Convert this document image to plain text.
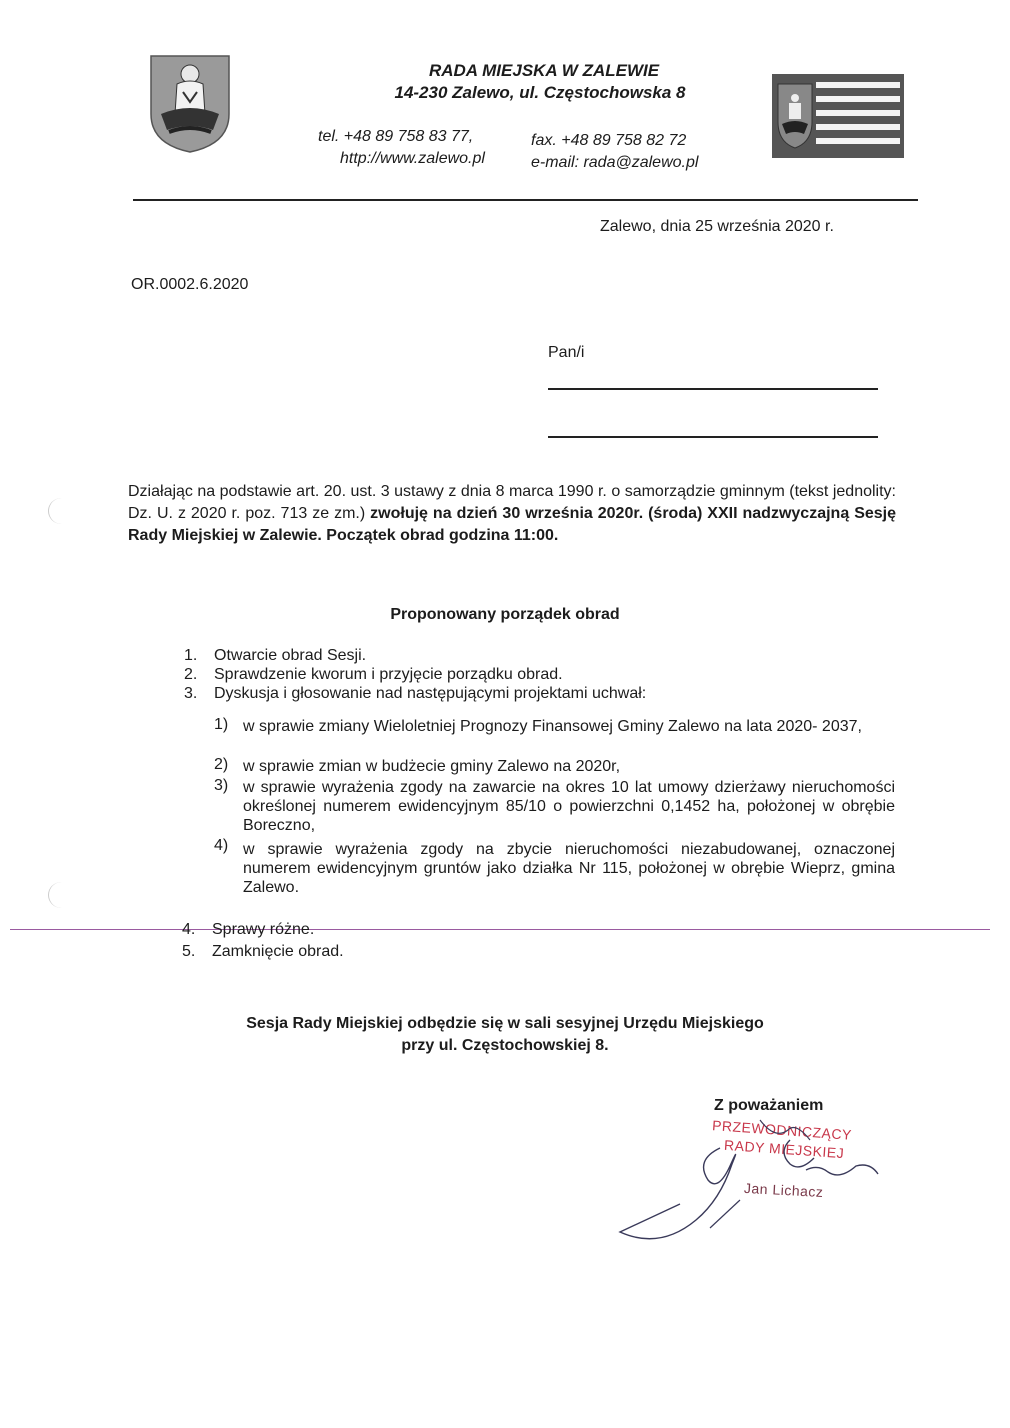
RADA MIEJSKA W ZALEWIE
14-230 Zalewo, ul. Częstochowska 8
tel. +48 89 758 83 77,	fax. +48 89 758 82 72
http://www.zalewo.pl	e-mail: rada@zalewo.pl
Zalewo, dnia 25 września 2020 r.
OR.0002.6.2020
Pan/i
Działając na podstawie art. 20. ust. 3 ustawy z dnia 8 marca 1990 r. o samorządzie gminnym (tekst jednolity: Dz. U. z 2020 r. poz. 713 ze zm.) zwołuję na dzień 30 września 2020r. (środa) XXII nadzwyczajną Sesję Rady Miejskiej w Zalewie. Początek obrad godzina 11:00.
Proponowany porządek obrad
1. Otwarcie obrad Sesji.
2. Sprawdzenie kworum i przyjęcie porządku obrad.
3. Dyskusja i głosowanie nad następującymi projektami uchwał:
1) w sprawie zmiany Wieloletniej Prognozy Finansowej Gminy Zalewo na lata 2020- 2037,
2) w sprawie zmian w budżecie gminy Zalewo na 2020r,
3) w sprawie wyrażenia zgody na zawarcie na okres 10 lat umowy dzierżawy nieruchomości określonej numerem ewidencyjnym 85/10 o powierzchni 0,1452 ha, położonej w obrębie Boreczno,
4) w sprawie wyrażenia zgody na zbycie nieruchomości niezabudowanej, oznaczonej numerem ewidencyjnym gruntów jako działka Nr 115, położonej w obrębie Wieprz, gmina Zalewo.
4. Sprawy różne.
5. Zamknięcie obrad.
Sesja Rady Miejskiej odbędzie się w sali sesyjnej Urzędu Miejskiego
przy ul. Częstochowskiej 8.
Z poważaniem
PRZEWODNICZĄCY
RADY MIEJSKIEJ
Jan Lichacz
